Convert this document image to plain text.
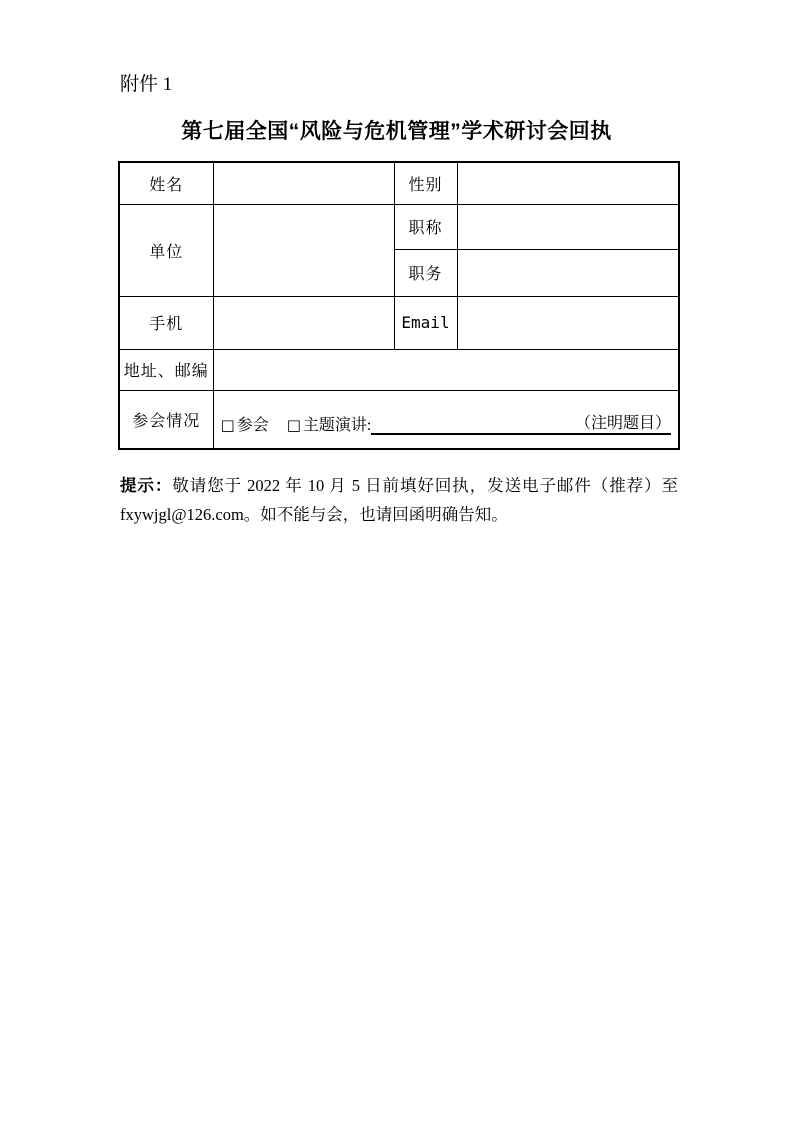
附件 1
第七届全国“风险与危机管理”学术研讨会回执
姓名		性别	
单位		职称	
		职务	
手机		Email	
地址、邮编			
参会情况	□ 参会 □ 主题演讲: （注明题目）		
提示：敬请您于 2022 年 10 月 5 日前填好回执，发送电子邮件（推荐）至
fxywjgl@126.com。如不能与会，也请回函明确告知。
